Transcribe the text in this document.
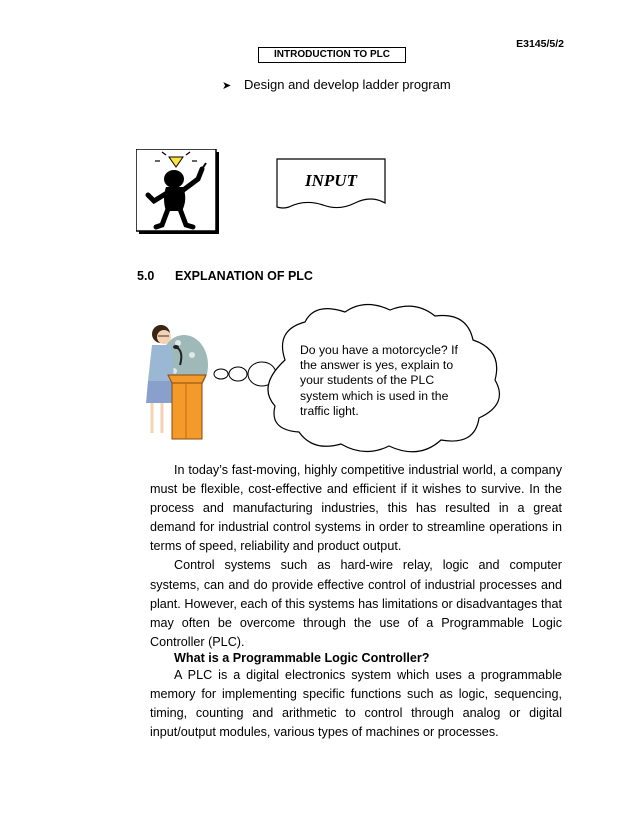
E3145/5/2
INTRODUCTION TO PLC
➤ Design and develop ladder program
INPUT
5.0 EXPLANATION OF PLC
Do you have a motorcycle? If the answer is yes, explain to your students of the PLC system which is used in the traffic light.

In today’s fast-moving, highly competitive industrial world, a company must be flexible, cost-effective and efficient if it wishes to survive. In the process and manufacturing industries, this has resulted in a great demand for industrial control systems in order to streamline operations in terms of speed, reliability and product output.

Control systems such as hard-wire relay, logic and computer systems, can and do provide effective control of industrial processes and plant. However, each of this systems has limitations or disadvantages that may often be overcome through the use of a Programmable Logic Controller (PLC).

What is a Programmable Logic Controller?

A PLC is a digital electronics system which uses a programmable memory for implementing specific functions such as logic, sequencing, timing, counting and arithmetic to control through analog or digital input/output modules, various types of machines or processes.
